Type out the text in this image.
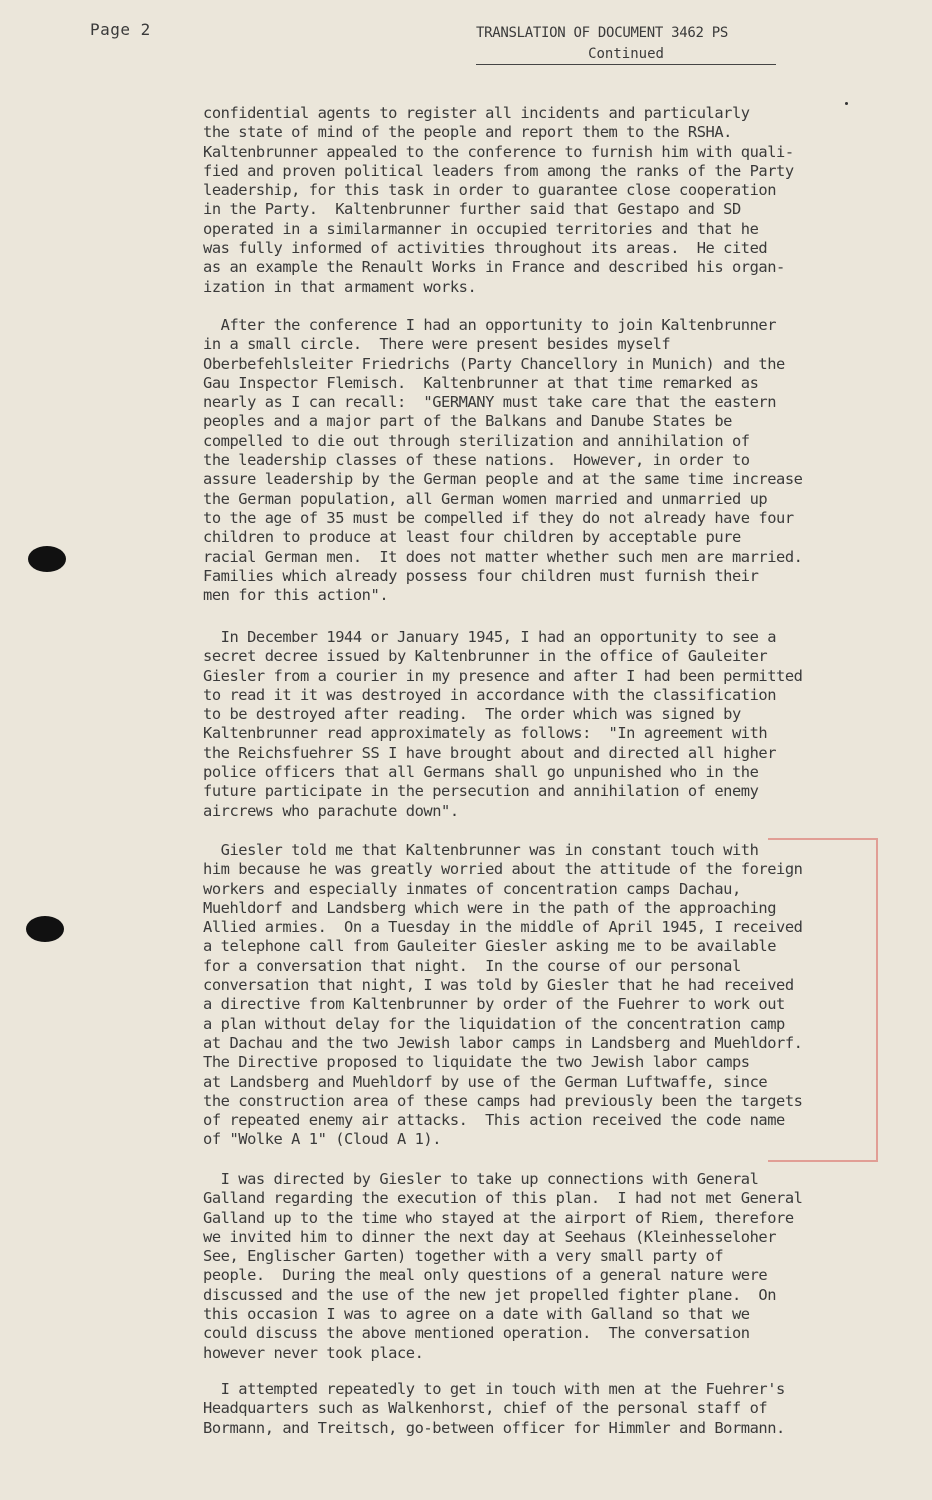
Page 2	TRANSLATION OF DOCUMENT 3462 PS
Continued
confidential agents to register all incidents and particularly
the state of mind of the people and report them to the RSHA.
Kaltenbrunner appealed to the conference to furnish him with quali-
fied and proven political leaders from among the ranks of the Party
leadership, for this task in order to guarantee close cooperation
in the Party.  Kaltenbrunner further said that Gestapo and SD
operated in a similarmanner in occupied territories and that he
was fully informed of activities throughout its areas.  He cited
as an example the Renault Works in France and described his organ-
ization in that armament works.
After the conference I had an opportunity to join Kaltenbrunner
in a small circle.  There were present besides myself
Oberbefehlsleiter Friedrichs (Party Chancellory in Munich) and the
Gau Inspector Flemisch.  Kaltenbrunner at that time remarked as
nearly as I can recall:  "GERMANY must take care that the eastern
peoples and a major part of the Balkans and Danube States be
compelled to die out through sterilization and annihilation of
the leadership classes of these nations.  However, in order to
assure leadership by the German people and at the same time increase
the German population, all German women married and unmarried up
to the age of 35 must be compelled if they do not already have four
children to produce at least four children by acceptable pure
racial German men.  It does not matter whether such men are married.
Families which already possess four children must furnish their
men for this action".
In December 1944 or January 1945, I had an opportunity to see a
secret decree issued by Kaltenbrunner in the office of Gauleiter
Giesler from a courier in my presence and after I had been permitted
to read it it was destroyed in accordance with the classification
to be destroyed after reading.  The order which was signed by
Kaltenbrunner read approximately as follows:  "In agreement with
the Reichsfuehrer SS I have brought about and directed all higher
police officers that all Germans shall go unpunished who in the
future participate in the persecution and annihilation of enemy
aircrews who parachute down".
Giesler told me that Kaltenbrunner was in constant touch with
him because he was greatly worried about the attitude of the foreign
workers and especially inmates of concentration camps Dachau,
Muehldorf and Landsberg which were in the path of the approaching
Allied armies.  On a Tuesday in the middle of April 1945, I received
a telephone call from Gauleiter Giesler asking me to be available
for a conversation that night.  In the course of our personal
conversation that night, I was told by Giesler that he had received
a directive from Kaltenbrunner by order of the Fuehrer to work out
a plan without delay for the liquidation of the concentration camp
at Dachau and the two Jewish labor camps in Landsberg and Muehldorf.
The Directive proposed to liquidate the two Jewish labor camps
at Landsberg and Muehldorf by use of the German Luftwaffe, since
the construction area of these camps had previously been the targets
of repeated enemy air attacks.  This action received the code name
of "Wolke A 1" (Cloud A 1).
I was directed by Giesler to take up connections with General
Galland regarding the execution of this plan.  I had not met General
Galland up to the time who stayed at the airport of Riem, therefore
we invited him to dinner the next day at Seehaus (Kleinhesseloher
See, Englischer Garten) together with a very small party of
people.  During the meal only questions of a general nature were
discussed and the use of the new jet propelled fighter plane.  On
this occasion I was to agree on a date with Galland so that we
could discuss the above mentioned operation.  The conversation
however never took place.
I attempted repeatedly to get in touch with men at the Fuehrer's
Headquarters such as Walkenhorst, chief of the personal staff of
Bormann, and Treitsch, go-between officer for Himmler and Bormann.
